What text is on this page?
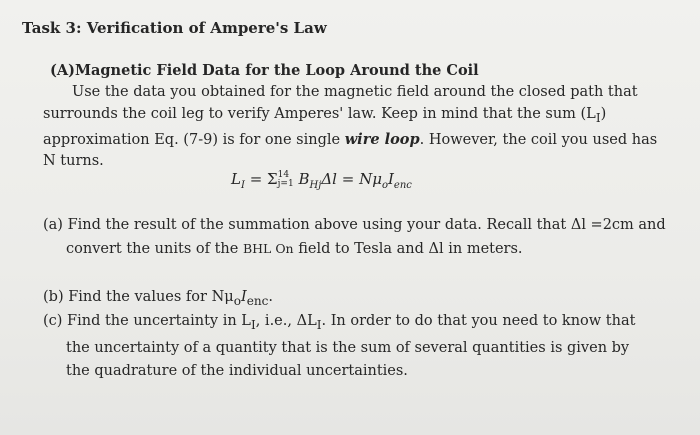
Task 3: Verification of Ampere's Law
(A)Magnetic Field Data for the Loop Around the Coil
Use the data you obtained for the magnetic field around the closed path that
surrounds the coil leg to verify Amperes' law. Keep in mind that the sum $(L_I)$
approximation Eq. (7-9) is for one single wire loop. However, the coil you used has
N turns.
$L_I = \Sigma 14$
j=1 $B_{Hj}\Delta l = N\mu_oI_{enc}$
(a) Find the result of the summation above using your data. Recall that Δl =2cm and
convert the units of the BHL On field to Tesla and Δl in meters.
(b) Find the values for $N\mu_oI_{enc}$.
(c) Find the uncertainty in $L_I$, i.e., $\Delta L_I$. In order to do that you need to know that
the uncertainty of a quantity that is the sum of several quantities is given by
the quadrature of the individual uncertainties.
